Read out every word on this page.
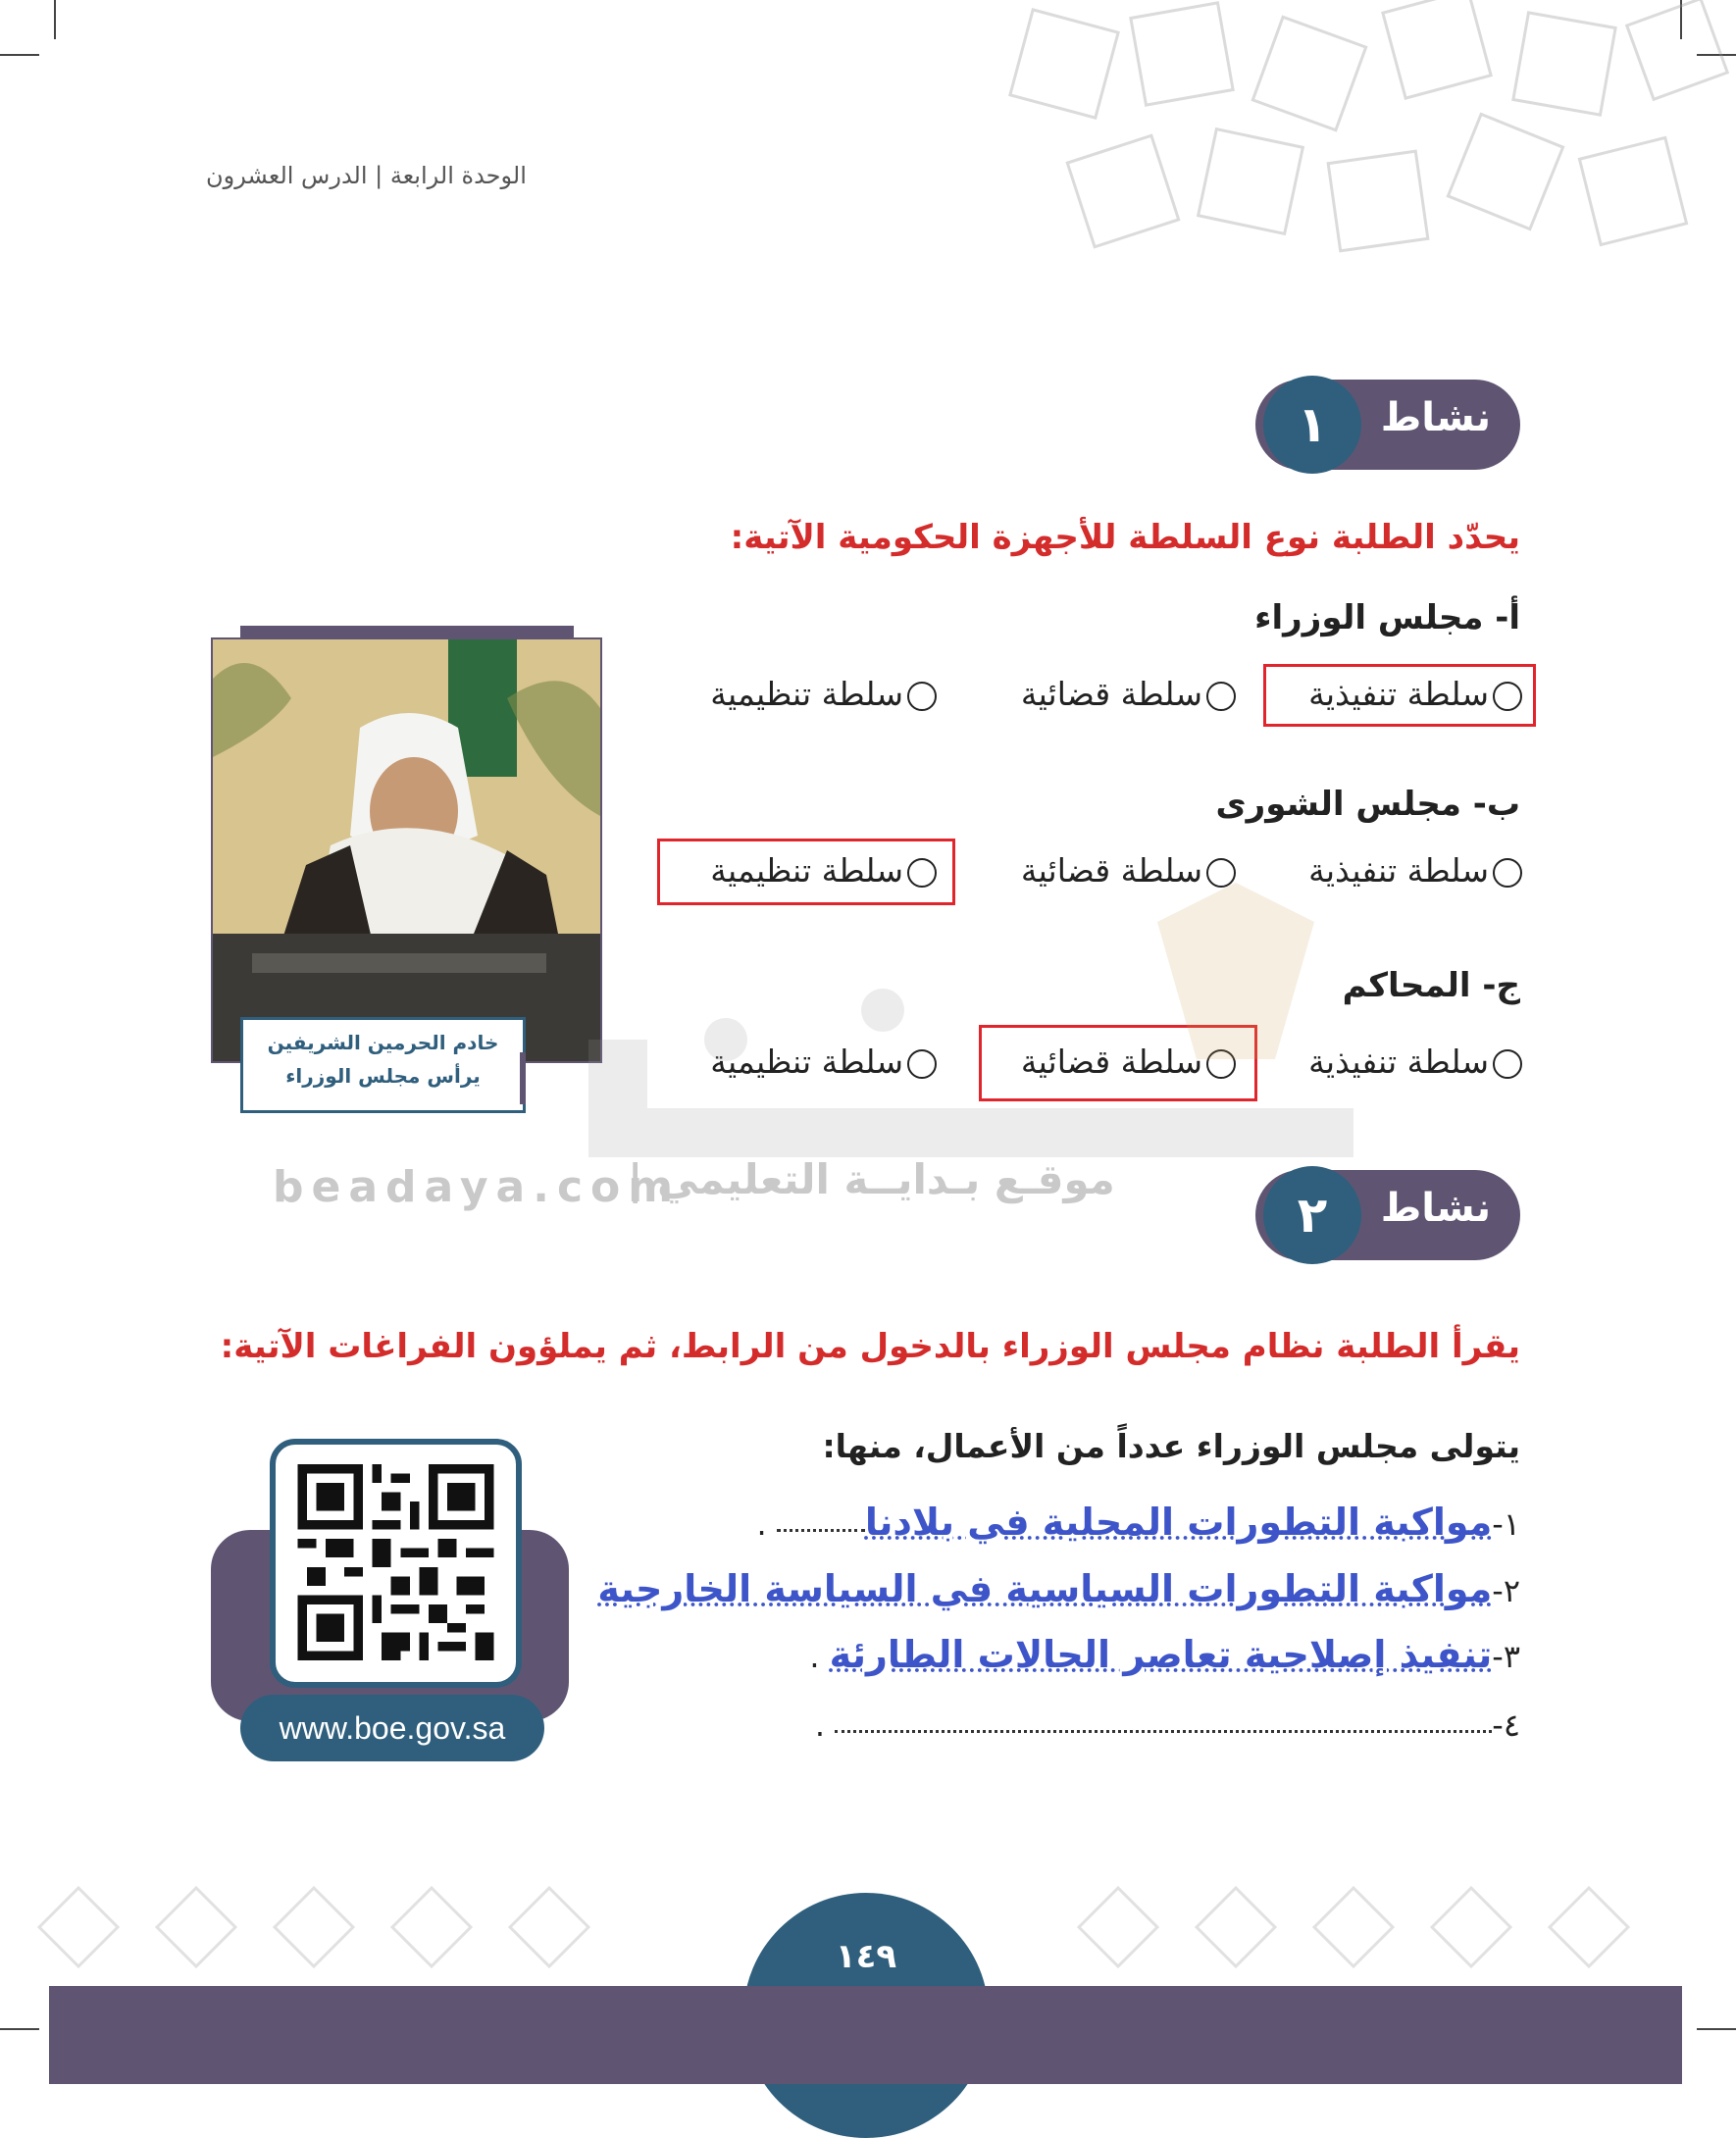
الوحدة الرابعة | الدرس العشرون
نشاط
١
يحدّد الطلبة نوع السلطة للأجهزة الحكومية الآتية:
أ- مجلس الوزراء
سلطة تنفيذية
سلطة قضائية
سلطة تنظيمية
ب- مجلس الشورى
سلطة تنفيذية
سلطة قضائية
سلطة تنظيمية
ج- المحاكم
سلطة تنفيذية
سلطة قضائية
سلطة تنظيمية
خادم الحرمين الشريفين
يرأس مجلس الوزراء
beadaya.com
موقـع بـدايــة التعليمي |
نشاط
٢
يقرأ الطلبة نظام مجلس الوزراء بالدخول من الرابط، ثم يملؤون الفراغات الآتية:
يتولى مجلس الوزراء عدداً من الأعمال، منها:
١-مواكبة التطورات المحلية في بلادنا .
٢-مواكبة التطورات السياسية في السياسة الخارجية
٣-تنفيذ إصلاحية تعاصر الحالات الطارئة .
٤- .
www.boe.gov.sa
١٤٩
